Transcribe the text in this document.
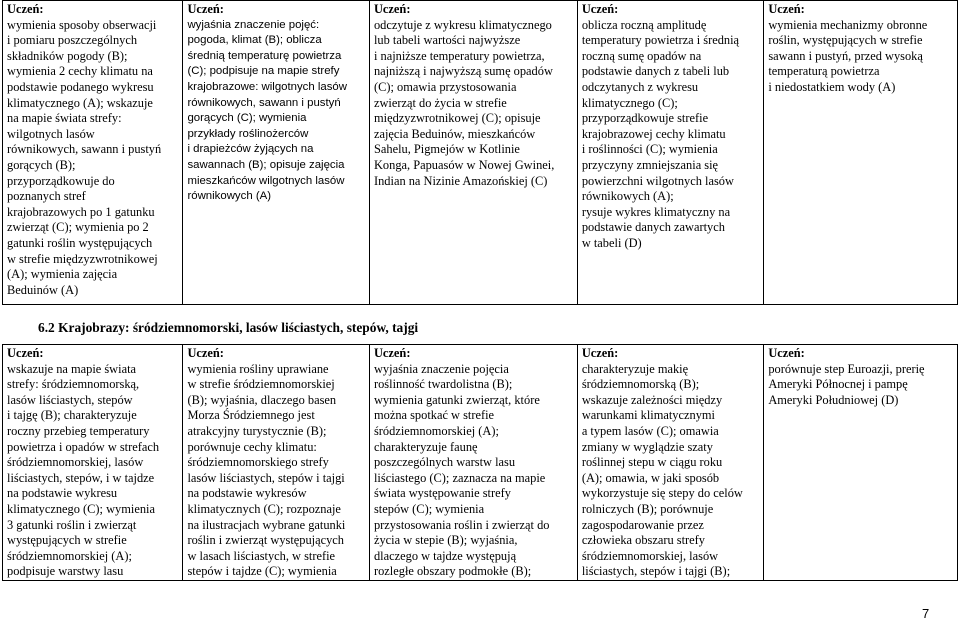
Uczeń:
wymienia sposoby obserwacji
i pomiaru poszczególnych
składników pogody (B);
wymienia 2 cechy klimatu na
podstawie podanego wykresu
klimatycznego (A); wskazuje
na mapie świata strefy:
wilgotnych lasów
równikowych, sawann i pustyń
gorących (B);
przyporządkowuje do
poznanych stref
krajobrazowych po 1 gatunku
zwierząt (C); wymienia po 2
gatunki roślin występujących
w strefie międzyzwrotnikowej
(A); wymienia zajęcia
Beduinów (A)

Uczeń:
wyjaśnia znaczenie pojęć:
pogoda, klimat (B); oblicza
średnią temperaturę powietrza
(C); podpisuje na mapie strefy
krajobrazowe: wilgotnych lasów
równikowych, sawann i pustyń
gorących (C); wymienia
przykłady roślinożerców
i drapieżców żyjących na
sawannach (B); opisuje zajęcia
mieszkańców wilgotnych lasów
równikowych (A)

Uczeń:
odczytuje z wykresu klimatycznego
lub tabeli wartości najwyższe
i najniższe temperatury powietrza,
najniższą i najwyższą sumę opadów
(C); omawia przystosowania
zwierząt do życia w strefie
międzyzwrotnikowej (C); opisuje
zajęcia Beduinów, mieszkańców
Sahelu, Pigmejów w Kotlinie
Konga, Papuasów w Nowej Gwinei,
Indian na Nizinie Amazońskiej (C)

Uczeń:
oblicza roczną amplitudę
temperatury powietrza i średnią
roczną sumę opadów na
podstawie danych z tabeli lub
odczytanych z wykresu
klimatycznego (C);
przyporządkowuje strefie
krajobrazowej cechy klimatu
i roślinności (C); wymienia
przyczyny zmniejszania się
powierzchni wilgotnych lasów
równikowych (A);
rysuje wykres klimatyczny na
podstawie danych zawartych
w tabeli (D)

Uczeń:
wymienia mechanizmy obronne
roślin, występujących w strefie
sawann i pustyń, przed wysoką
temperaturą powietrza
i niedostatkiem wody (A)
6.2 Krajobrazy: śródziemnomorski, lasów liściastych, stepów, tajgi
Uczeń:
wskazuje na mapie świata
strefy: śródziemnomorską,
lasów liściastych, stepów
i tajgę (B); charakteryzuje
roczny przebieg temperatury
powietrza i opadów w strefach
śródziemnomorskiej, lasów
liściastych, stepów, i w tajdze
na podstawie wykresu
klimatycznego (C); wymienia
3 gatunki roślin i zwierząt
występujących w strefie
śródziemnomorskiej (A);
podpisuje warstwy lasu

Uczeń:
wymienia rośliny uprawiane
w strefie śródziemnomorskiej
(B); wyjaśnia, dlaczego basen
Morza Śródziemnego jest
atrakcyjny turystycznie (B);
porównuje cechy klimatu:
śródziemnomorskiego strefy
lasów liściastych, stepów i tajgi
na podstawie wykresów
klimatycznych (C); rozpoznaje
na ilustracjach wybrane gatunki
roślin i zwierząt występujących
w lasach liściastych, w strefie
stepów i tajdze (C); wymienia

Uczeń:
wyjaśnia znaczenie pojęcia
roślinność twardolistna (B);
wymienia gatunki zwierząt, które
można spotkać w strefie
śródziemnomorskiej (A);
charakteryzuje faunę
poszczególnych warstw lasu
liściastego (C); zaznacza na mapie
świata występowanie strefy
stepów (C); wymienia
przystosowania roślin i zwierząt do
życia w stepie (B); wyjaśnia,
dlaczego w tajdze występują
rozległe obszary podmokłe (B);

Uczeń:
charakteryzuje makię
śródziemnomorską (B);
wskazuje zależności między
warunkami klimatycznymi
a typem lasów (C); omawia
zmiany w wyglądzie szaty
roślinnej stepu w ciągu roku
(A); omawia, w jaki sposób
wykorzystuje się stepy do celów
rolniczych (B); porównuje
zagospodarowanie przez
człowieka obszaru strefy
śródziemnomorskiej, lasów
liściastych, stepów i tajgi (B);

Uczeń:
porównuje step Euroazji, prerię
Ameryki Północnej i pampę
Ameryki Południowej (D)
7
